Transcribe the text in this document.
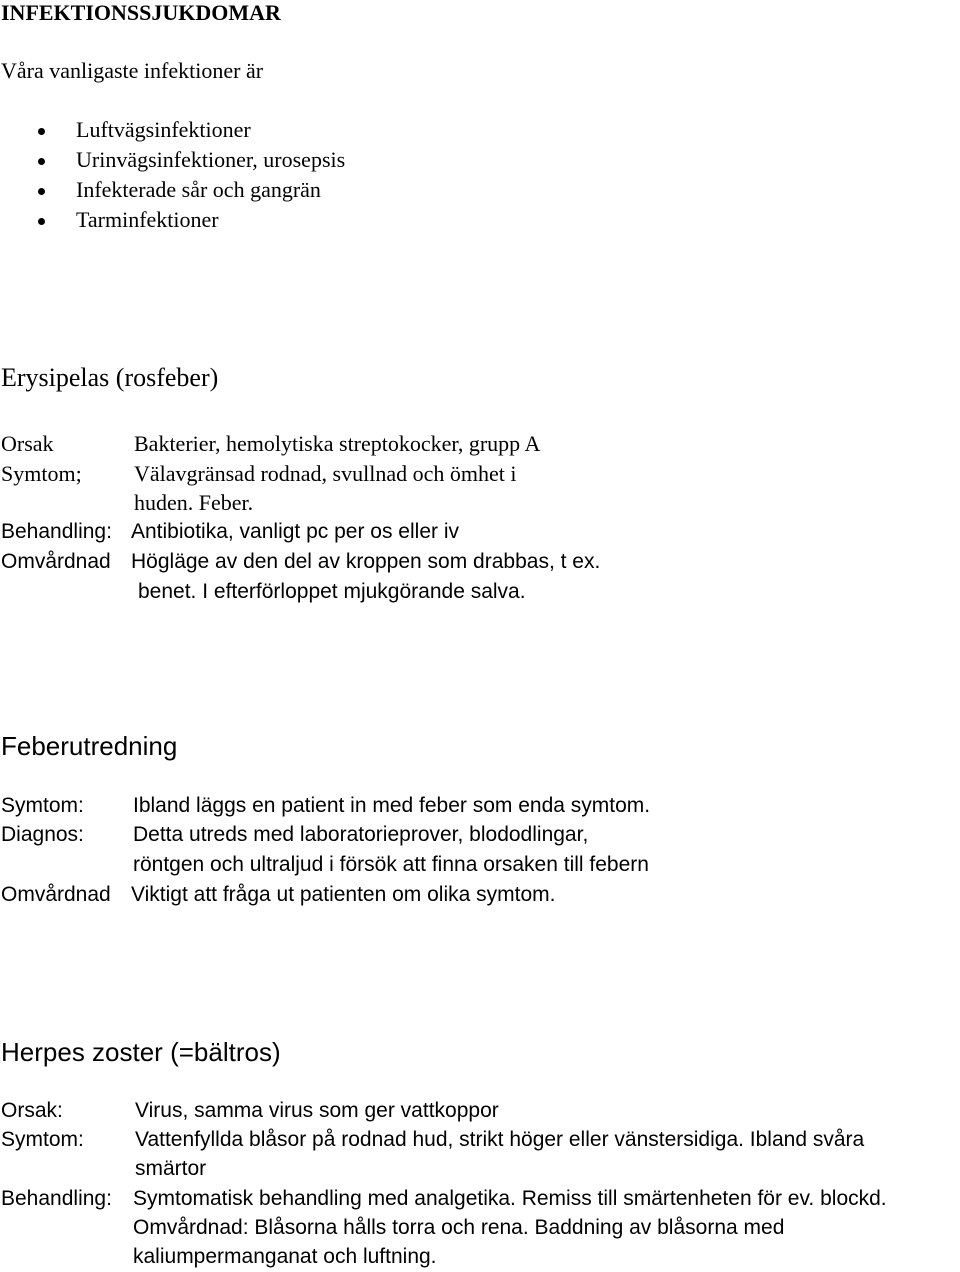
INFEKTIONSSJUKDOMAR
Våra vanligaste infektioner är
Luftvägsinfektioner
Urinvägsinfektioner, urosepsis
Infekterade sår och gangrän
Tarminfektioner
Erysipelas (rosfeber)
Orsak	Bakterier, hemolytiska streptokocker, grupp A
Symtom; Välavgränsad rodnad, svullnad och ömhet i
huden. Feber.
Behandling: Antibiotika, vanligt pc per os eller iv
Omvårdnad Högläge av den del av kroppen som drabbas, t ex.
benet. I efterförloppet mjukgörande salva.
Feberutredning
Symtom: Ibland läggs en patient in med feber som enda symtom.
Diagnos: Detta utreds med laboratorieprover, blododlingar,
röntgen och ultraljud i försök att finna orsaken till febern
Omvårdnad Viktigt att fråga ut patienten om olika symtom.
Herpes zoster (=bältros)
Orsak:	Virus, samma virus som ger vattkoppor
Symtom: Vattenfyllda blåsor på rodnad hud, strikt höger eller vänstersidiga. Ibland svåra
smärtor
Behandling: Symtomatisk behandling med analgetika. Remiss till smärtenheten för ev. blockd.
Omvårdnad: Blåsorna hålls torra och rena. Baddning av blåsorna med
kaliumpermanganat och luftning.
